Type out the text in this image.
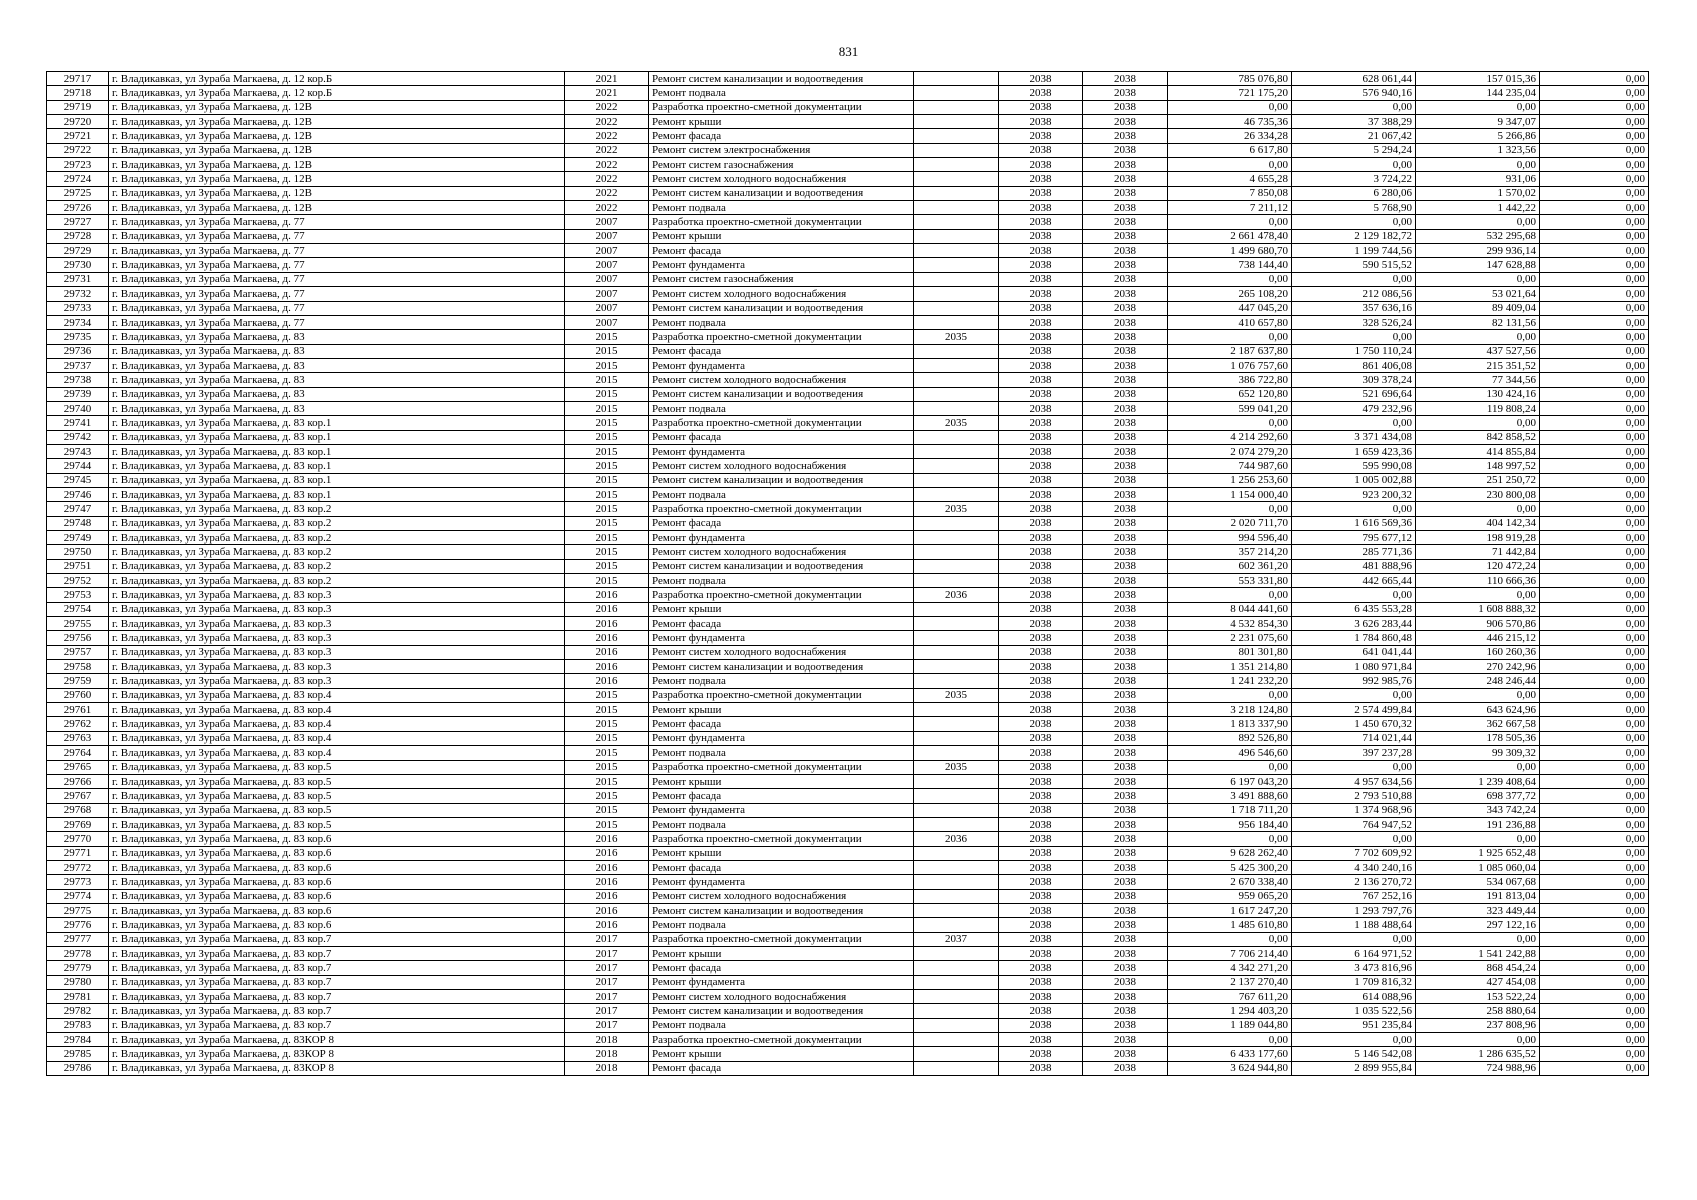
831
29717	г. Владикавказ, ул Зураба Магкаева, д. 12 кор.Б	2021	Ремонт систем канализации и водоотведения		2038	2038	785 076,80	628 061,44	157 015,36	0,00
29718	г. Владикавказ, ул Зураба Магкаева, д. 12 кор.Б	2021	Ремонт подвала		2038	2038	721 175,20	576 940,16	144 235,04	0,00
29719	г. Владикавказ, ул Зураба Магкаева, д. 12В	2022	Разработка проектно-сметной документации		2038	2038	0,00	0,00	0,00	0,00
29720	г. Владикавказ, ул Зураба Магкаева, д. 12В	2022	Ремонт крыши		2038	2038	46 735,36	37 388,29	9 347,07	0,00
29721	г. Владикавказ, ул Зураба Магкаева, д. 12В	2022	Ремонт фасада		2038	2038	26 334,28	21 067,42	5 266,86	0,00
29722	г. Владикавказ, ул Зураба Магкаева, д. 12В	2022	Ремонт систем электроснабжения		2038	2038	6 617,80	5 294,24	1 323,56	0,00
29723	г. Владикавказ, ул Зураба Магкаева, д. 12В	2022	Ремонт систем газоснабжения		2038	2038	0,00	0,00	0,00	0,00
29724	г. Владикавказ, ул Зураба Магкаева, д. 12В	2022	Ремонт систем холодного водоснабжения		2038	2038	4 655,28	3 724,22	931,06	0,00
29725	г. Владикавказ, ул Зураба Магкаева, д. 12В	2022	Ремонт систем канализации и водоотведения		2038	2038	7 850,08	6 280,06	1 570,02	0,00
29726	г. Владикавказ, ул Зураба Магкаева, д. 12В	2022	Ремонт подвала		2038	2038	7 211,12	5 768,90	1 442,22	0,00
29727	г. Владикавказ, ул Зураба Магкаева, д. 77	2007	Разработка проектно-сметной документации		2038	2038	0,00	0,00	0,00	0,00
29728	г. Владикавказ, ул Зураба Магкаева, д. 77	2007	Ремонт крыши		2038	2038	2 661 478,40	2 129 182,72	532 295,68	0,00
29729	г. Владикавказ, ул Зураба Магкаева, д. 77	2007	Ремонт фасада		2038	2038	1 499 680,70	1 199 744,56	299 936,14	0,00
29730	г. Владикавказ, ул Зураба Магкаева, д. 77	2007	Ремонт фундамента		2038	2038	738 144,40	590 515,52	147 628,88	0,00
29731	г. Владикавказ, ул Зураба Магкаева, д. 77	2007	Ремонт систем газоснабжения		2038	2038	0,00	0,00	0,00	0,00
29732	г. Владикавказ, ул Зураба Магкаева, д. 77	2007	Ремонт систем холодного водоснабжения		2038	2038	265 108,20	212 086,56	53 021,64	0,00
29733	г. Владикавказ, ул Зураба Магкаева, д. 77	2007	Ремонт систем канализации и водоотведения		2038	2038	447 045,20	357 636,16	89 409,04	0,00
29734	г. Владикавказ, ул Зураба Магкаева, д. 77	2007	Ремонт подвала		2038	2038	410 657,80	328 526,24	82 131,56	0,00
29735	г. Владикавказ, ул Зураба Магкаева, д. 83	2015	Разработка проектно-сметной документации	2035	2038	2038	0,00	0,00	0,00	0,00
29736	г. Владикавказ, ул Зураба Магкаева, д. 83	2015	Ремонт фасада		2038	2038	2 187 637,80	1 750 110,24	437 527,56	0,00
29737	г. Владикавказ, ул Зураба Магкаева, д. 83	2015	Ремонт фундамента		2038	2038	1 076 757,60	861 406,08	215 351,52	0,00
29738	г. Владикавказ, ул Зураба Магкаева, д. 83	2015	Ремонт систем холодного водоснабжения		2038	2038	386 722,80	309 378,24	77 344,56	0,00
29739	г. Владикавказ, ул Зураба Магкаева, д. 83	2015	Ремонт систем канализации и водоотведения		2038	2038	652 120,80	521 696,64	130 424,16	0,00
29740	г. Владикавказ, ул Зураба Магкаева, д. 83	2015	Ремонт подвала		2038	2038	599 041,20	479 232,96	119 808,24	0,00
29741	г. Владикавказ, ул Зураба Магкаева, д. 83 кор.1	2015	Разработка проектно-сметной документации	2035	2038	2038	0,00	0,00	0,00	0,00
29742	г. Владикавказ, ул Зураба Магкаева, д. 83 кор.1	2015	Ремонт фасада		2038	2038	4 214 292,60	3 371 434,08	842 858,52	0,00
29743	г. Владикавказ, ул Зураба Магкаева, д. 83 кор.1	2015	Ремонт фундамента		2038	2038	2 074 279,20	1 659 423,36	414 855,84	0,00
29744	г. Владикавказ, ул Зураба Магкаева, д. 83 кор.1	2015	Ремонт систем холодного водоснабжения		2038	2038	744 987,60	595 990,08	148 997,52	0,00
29745	г. Владикавказ, ул Зураба Магкаева, д. 83 кор.1	2015	Ремонт систем канализации и водоотведения		2038	2038	1 256 253,60	1 005 002,88	251 250,72	0,00
29746	г. Владикавказ, ул Зураба Магкаева, д. 83 кор.1	2015	Ремонт подвала		2038	2038	1 154 000,40	923 200,32	230 800,08	0,00
29747	г. Владикавказ, ул Зураба Магкаева, д. 83 кор.2	2015	Разработка проектно-сметной документации	2035	2038	2038	0,00	0,00	0,00	0,00
29748	г. Владикавказ, ул Зураба Магкаева, д. 83 кор.2	2015	Ремонт фасада		2038	2038	2 020 711,70	1 616 569,36	404 142,34	0,00
29749	г. Владикавказ, ул Зураба Магкаева, д. 83 кор.2	2015	Ремонт фундамента		2038	2038	994 596,40	795 677,12	198 919,28	0,00
29750	г. Владикавказ, ул Зураба Магкаева, д. 83 кор.2	2015	Ремонт систем холодного водоснабжения		2038	2038	357 214,20	285 771,36	71 442,84	0,00
29751	г. Владикавказ, ул Зураба Магкаева, д. 83 кор.2	2015	Ремонт систем канализации и водоотведения		2038	2038	602 361,20	481 888,96	120 472,24	0,00
29752	г. Владикавказ, ул Зураба Магкаева, д. 83 кор.2	2015	Ремонт подвала		2038	2038	553 331,80	442 665,44	110 666,36	0,00
29753	г. Владикавказ, ул Зураба Магкаева, д. 83 кор.3	2016	Разработка проектно-сметной документации	2036	2038	2038	0,00	0,00	0,00	0,00
29754	г. Владикавказ, ул Зураба Магкаева, д. 83 кор.3	2016	Ремонт крыши		2038	2038	8 044 441,60	6 435 553,28	1 608 888,32	0,00
29755	г. Владикавказ, ул Зураба Магкаева, д. 83 кор.3	2016	Ремонт фасада		2038	2038	4 532 854,30	3 626 283,44	906 570,86	0,00
29756	г. Владикавказ, ул Зураба Магкаева, д. 83 кор.3	2016	Ремонт фундамента		2038	2038	2 231 075,60	1 784 860,48	446 215,12	0,00
29757	г. Владикавказ, ул Зураба Магкаева, д. 83 кор.3	2016	Ремонт систем холодного водоснабжения		2038	2038	801 301,80	641 041,44	160 260,36	0,00
29758	г. Владикавказ, ул Зураба Магкаева, д. 83 кор.3	2016	Ремонт систем канализации и водоотведения		2038	2038	1 351 214,80	1 080 971,84	270 242,96	0,00
29759	г. Владикавказ, ул Зураба Магкаева, д. 83 кор.3	2016	Ремонт подвала		2038	2038	1 241 232,20	992 985,76	248 246,44	0,00
29760	г. Владикавказ, ул Зураба Магкаева, д. 83 кор.4	2015	Разработка проектно-сметной документации	2035	2038	2038	0,00	0,00	0,00	0,00
29761	г. Владикавказ, ул Зураба Магкаева, д. 83 кор.4	2015	Ремонт крыши		2038	2038	3 218 124,80	2 574 499,84	643 624,96	0,00
29762	г. Владикавказ, ул Зураба Магкаева, д. 83 кор.4	2015	Ремонт фасада		2038	2038	1 813 337,90	1 450 670,32	362 667,58	0,00
29763	г. Владикавказ, ул Зураба Магкаева, д. 83 кор.4	2015	Ремонт фундамента		2038	2038	892 526,80	714 021,44	178 505,36	0,00
29764	г. Владикавказ, ул Зураба Магкаева, д. 83 кор.4	2015	Ремонт подвала		2038	2038	496 546,60	397 237,28	99 309,32	0,00
29765	г. Владикавказ, ул Зураба Магкаева, д. 83 кор.5	2015	Разработка проектно-сметной документации	2035	2038	2038	0,00	0,00	0,00	0,00
29766	г. Владикавказ, ул Зураба Магкаева, д. 83 кор.5	2015	Ремонт крыши		2038	2038	6 197 043,20	4 957 634,56	1 239 408,64	0,00
29767	г. Владикавказ, ул Зураба Магкаева, д. 83 кор.5	2015	Ремонт фасада		2038	2038	3 491 888,60	2 793 510,88	698 377,72	0,00
29768	г. Владикавказ, ул Зураба Магкаева, д. 83 кор.5	2015	Ремонт фундамента		2038	2038	1 718 711,20	1 374 968,96	343 742,24	0,00
29769	г. Владикавказ, ул Зураба Магкаева, д. 83 кор.5	2015	Ремонт подвала		2038	2038	956 184,40	764 947,52	191 236,88	0,00
29770	г. Владикавказ, ул Зураба Магкаева, д. 83 кор.6	2016	Разработка проектно-сметной документации	2036	2038	2038	0,00	0,00	0,00	0,00
29771	г. Владикавказ, ул Зураба Магкаева, д. 83 кор.6	2016	Ремонт крыши		2038	2038	9 628 262,40	7 702 609,92	1 925 652,48	0,00
29772	г. Владикавказ, ул Зураба Магкаева, д. 83 кор.6	2016	Ремонт фасада		2038	2038	5 425 300,20	4 340 240,16	1 085 060,04	0,00
29773	г. Владикавказ, ул Зураба Магкаева, д. 83 кор.6	2016	Ремонт фундамента		2038	2038	2 670 338,40	2 136 270,72	534 067,68	0,00
29774	г. Владикавказ, ул Зураба Магкаева, д. 83 кор.6	2016	Ремонт систем холодного водоснабжения		2038	2038	959 065,20	767 252,16	191 813,04	0,00
29775	г. Владикавказ, ул Зураба Магкаева, д. 83 кор.6	2016	Ремонт систем канализации и водоотведения		2038	2038	1 617 247,20	1 293 797,76	323 449,44	0,00
29776	г. Владикавказ, ул Зураба Магкаева, д. 83 кор.6	2016	Ремонт подвала		2038	2038	1 485 610,80	1 188 488,64	297 122,16	0,00
29777	г. Владикавказ, ул Зураба Магкаева, д. 83 кор.7	2017	Разработка проектно-сметной документации	2037	2038	2038	0,00	0,00	0,00	0,00
29778	г. Владикавказ, ул Зураба Магкаева, д. 83 кор.7	2017	Ремонт крыши		2038	2038	7 706 214,40	6 164 971,52	1 541 242,88	0,00
29779	г. Владикавказ, ул Зураба Магкаева, д. 83 кор.7	2017	Ремонт фасада		2038	2038	4 342 271,20	3 473 816,96	868 454,24	0,00
29780	г. Владикавказ, ул Зураба Магкаева, д. 83 кор.7	2017	Ремонт фундамента		2038	2038	2 137 270,40	1 709 816,32	427 454,08	0,00
29781	г. Владикавказ, ул Зураба Магкаева, д. 83 кор.7	2017	Ремонт систем холодного водоснабжения		2038	2038	767 611,20	614 088,96	153 522,24	0,00
29782	г. Владикавказ, ул Зураба Магкаева, д. 83 кор.7	2017	Ремонт систем канализации и водоотведения		2038	2038	1 294 403,20	1 035 522,56	258 880,64	0,00
29783	г. Владикавказ, ул Зураба Магкаева, д. 83 кор.7	2017	Ремонт подвала		2038	2038	1 189 044,80	951 235,84	237 808,96	0,00
29784	г. Владикавказ, ул Зураба Магкаева, д. 83КОР 8	2018	Разработка проектно-сметной документации		2038	2038	0,00	0,00	0,00	0,00
29785	г. Владикавказ, ул Зураба Магкаева, д. 83КОР 8	2018	Ремонт крыши		2038	2038	6 433 177,60	5 146 542,08	1 286 635,52	0,00
29786	г. Владикавказ, ул Зураба Магкаева, д. 83КОР 8	2018	Ремонт фасада		2038	2038	3 624 944,80	2 899 955,84	724 988,96	0,00
